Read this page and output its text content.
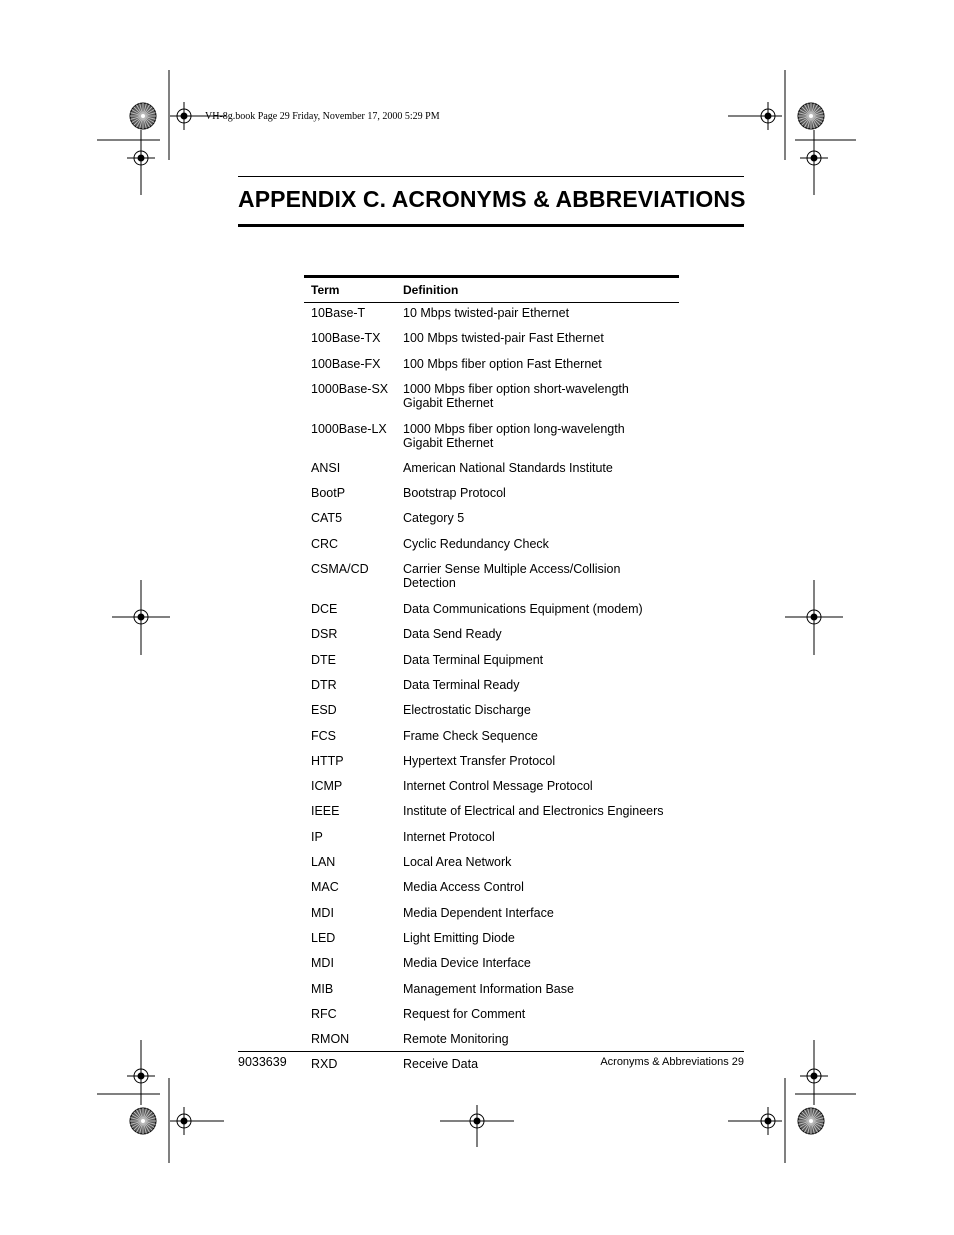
VH-8g.book Page 29 Friday, November 17, 2000 5:29 PM
APPENDIX C. ACRONYMS & ABBREVIATIONS
Term	Definition
10Base-T	10 Mbps twisted-pair Ethernet
100Base-TX	100 Mbps twisted-pair Fast Ethernet
100Base-FX	100 Mbps fiber option Fast Ethernet
1000Base-SX	1000 Mbps fiber option short-wavelength
Gigabit Ethernet
1000Base-LX	1000 Mbps fiber option long-wavelength
Gigabit Ethernet
ANSI	American National Standards Institute
BootP	Bootstrap Protocol
CAT5	Category 5
CRC	Cyclic Redundancy Check
CSMA/CD	Carrier Sense Multiple Access/Collision
Detection
DCE	Data Communications Equipment (modem)
DSR	Data Send Ready
DTE	Data Terminal Equipment
DTR	Data Terminal Ready
ESD	Electrostatic Discharge
FCS	Frame Check Sequence
HTTP	Hypertext Transfer Protocol
ICMP	Internet Control Message Protocol
IEEE	Institute of Electrical and Electronics Engineers
IP	Internet Protocol
LAN	Local Area Network
MAC	Media Access Control
MDI	Media Dependent Interface
LED	Light Emitting Diode
MDI	Media Device Interface
MIB	Management Information Base
RFC	Request for Comment
RMON	Remote Monitoring
RXD	Receive Data
9033639	Acronyms & Abbreviations 29
